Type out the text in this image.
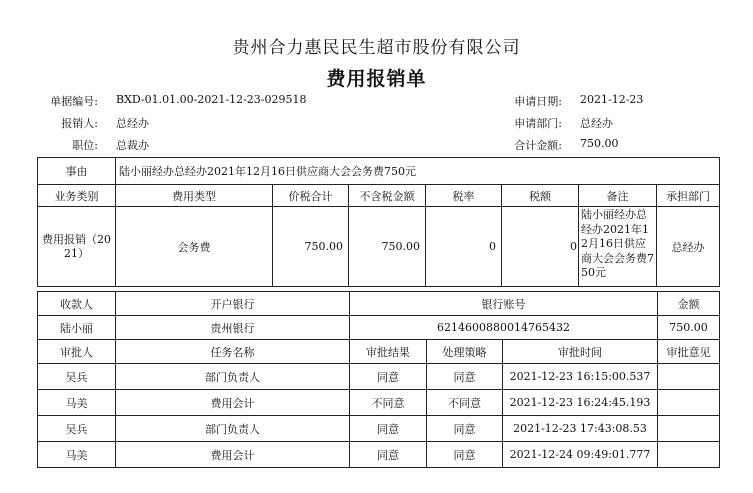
贵州合力惠民民生超市股份有限公司
费用报销单
单据编号: BXD-01.01.00-2021-12-23-029518
报销人: 总经办
职位: 总裁办
申请日期: 2021-12-23
申请部门: 总经办
合计金额: 750.00
事由	陆小丽经办总经办2021年12月16日供应商大会会务费750元						
业务类别	费用类型	价税合计	不含税金额	税率	税额	备注	承担部门
费用报销（2021）	会务费	750.00	750.00	0	0	陆小丽经办总经办2021年12月16日供应商大会会务费750元	总经办
收款人	开户银行	银行账号			金额
陆小丽	贵州银行	6214600880014765432			750.00
审批人	任务名称	审批结果	处理策略	审批时间	审批意见
吴兵	部门负责人	同意	同意	2021-12-23 16:15:00.537	
马美	费用会计	不同意	不同意	2021-12-23 16:24:45.193	
吴兵	部门负责人	同意	同意	2021-12-23 17:43:08.53	
马美	费用会计	同意	同意	2021-12-24 09:49:01.777	
